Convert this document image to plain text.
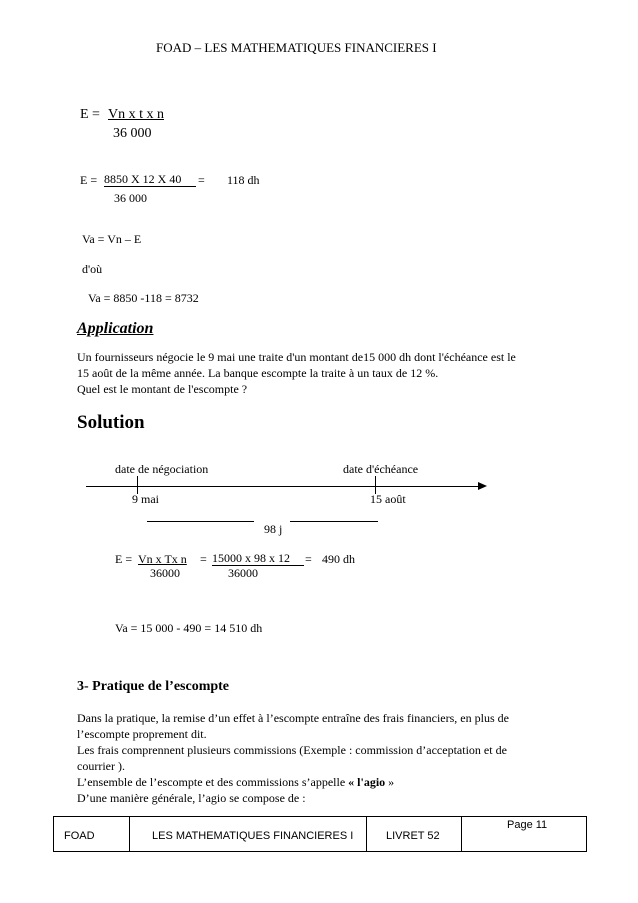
FOAD – LES MATHEMATIQUES FINANCIERES I
E = Vn x t x n
36 000
E = 8850 X 12 X 40	= 118 dh
36 000
Va = Vn – E
d'où
Va = 8850 -118 = 8732
Application
Un fournisseurs négocie le 9 mai une traite d'un montant de15 000 dh dont l'échéance est le
15 août de la même année. La banque escompte la traite à un taux de 12 %.
Quel est le montant de l'escompte ?
Solution
date de négociation	date d'échéance
9 mai	15 août
98 j
E = Vn x Tx n = 15000 x 98 x 12	= 490 dh
36000	36000
Va = 15 000 - 490 = 14 510 dh
3- Pratique de l’escompte
Dans la pratique, la remise d’un effet à l’escompte entraîne des frais financiers, en plus de
l’escompte proprement dit.
Les frais comprennent plusieurs commissions (Exemple : commission d’acceptation et de
courrier ).
L’ensemble de l’escompte et des commissions s’appelle « l'agio »
D’une manière générale, l’agio se compose de :
FOAD	LES MATHEMATIQUES FINANCIERES I	LIVRET 52
Page 11
